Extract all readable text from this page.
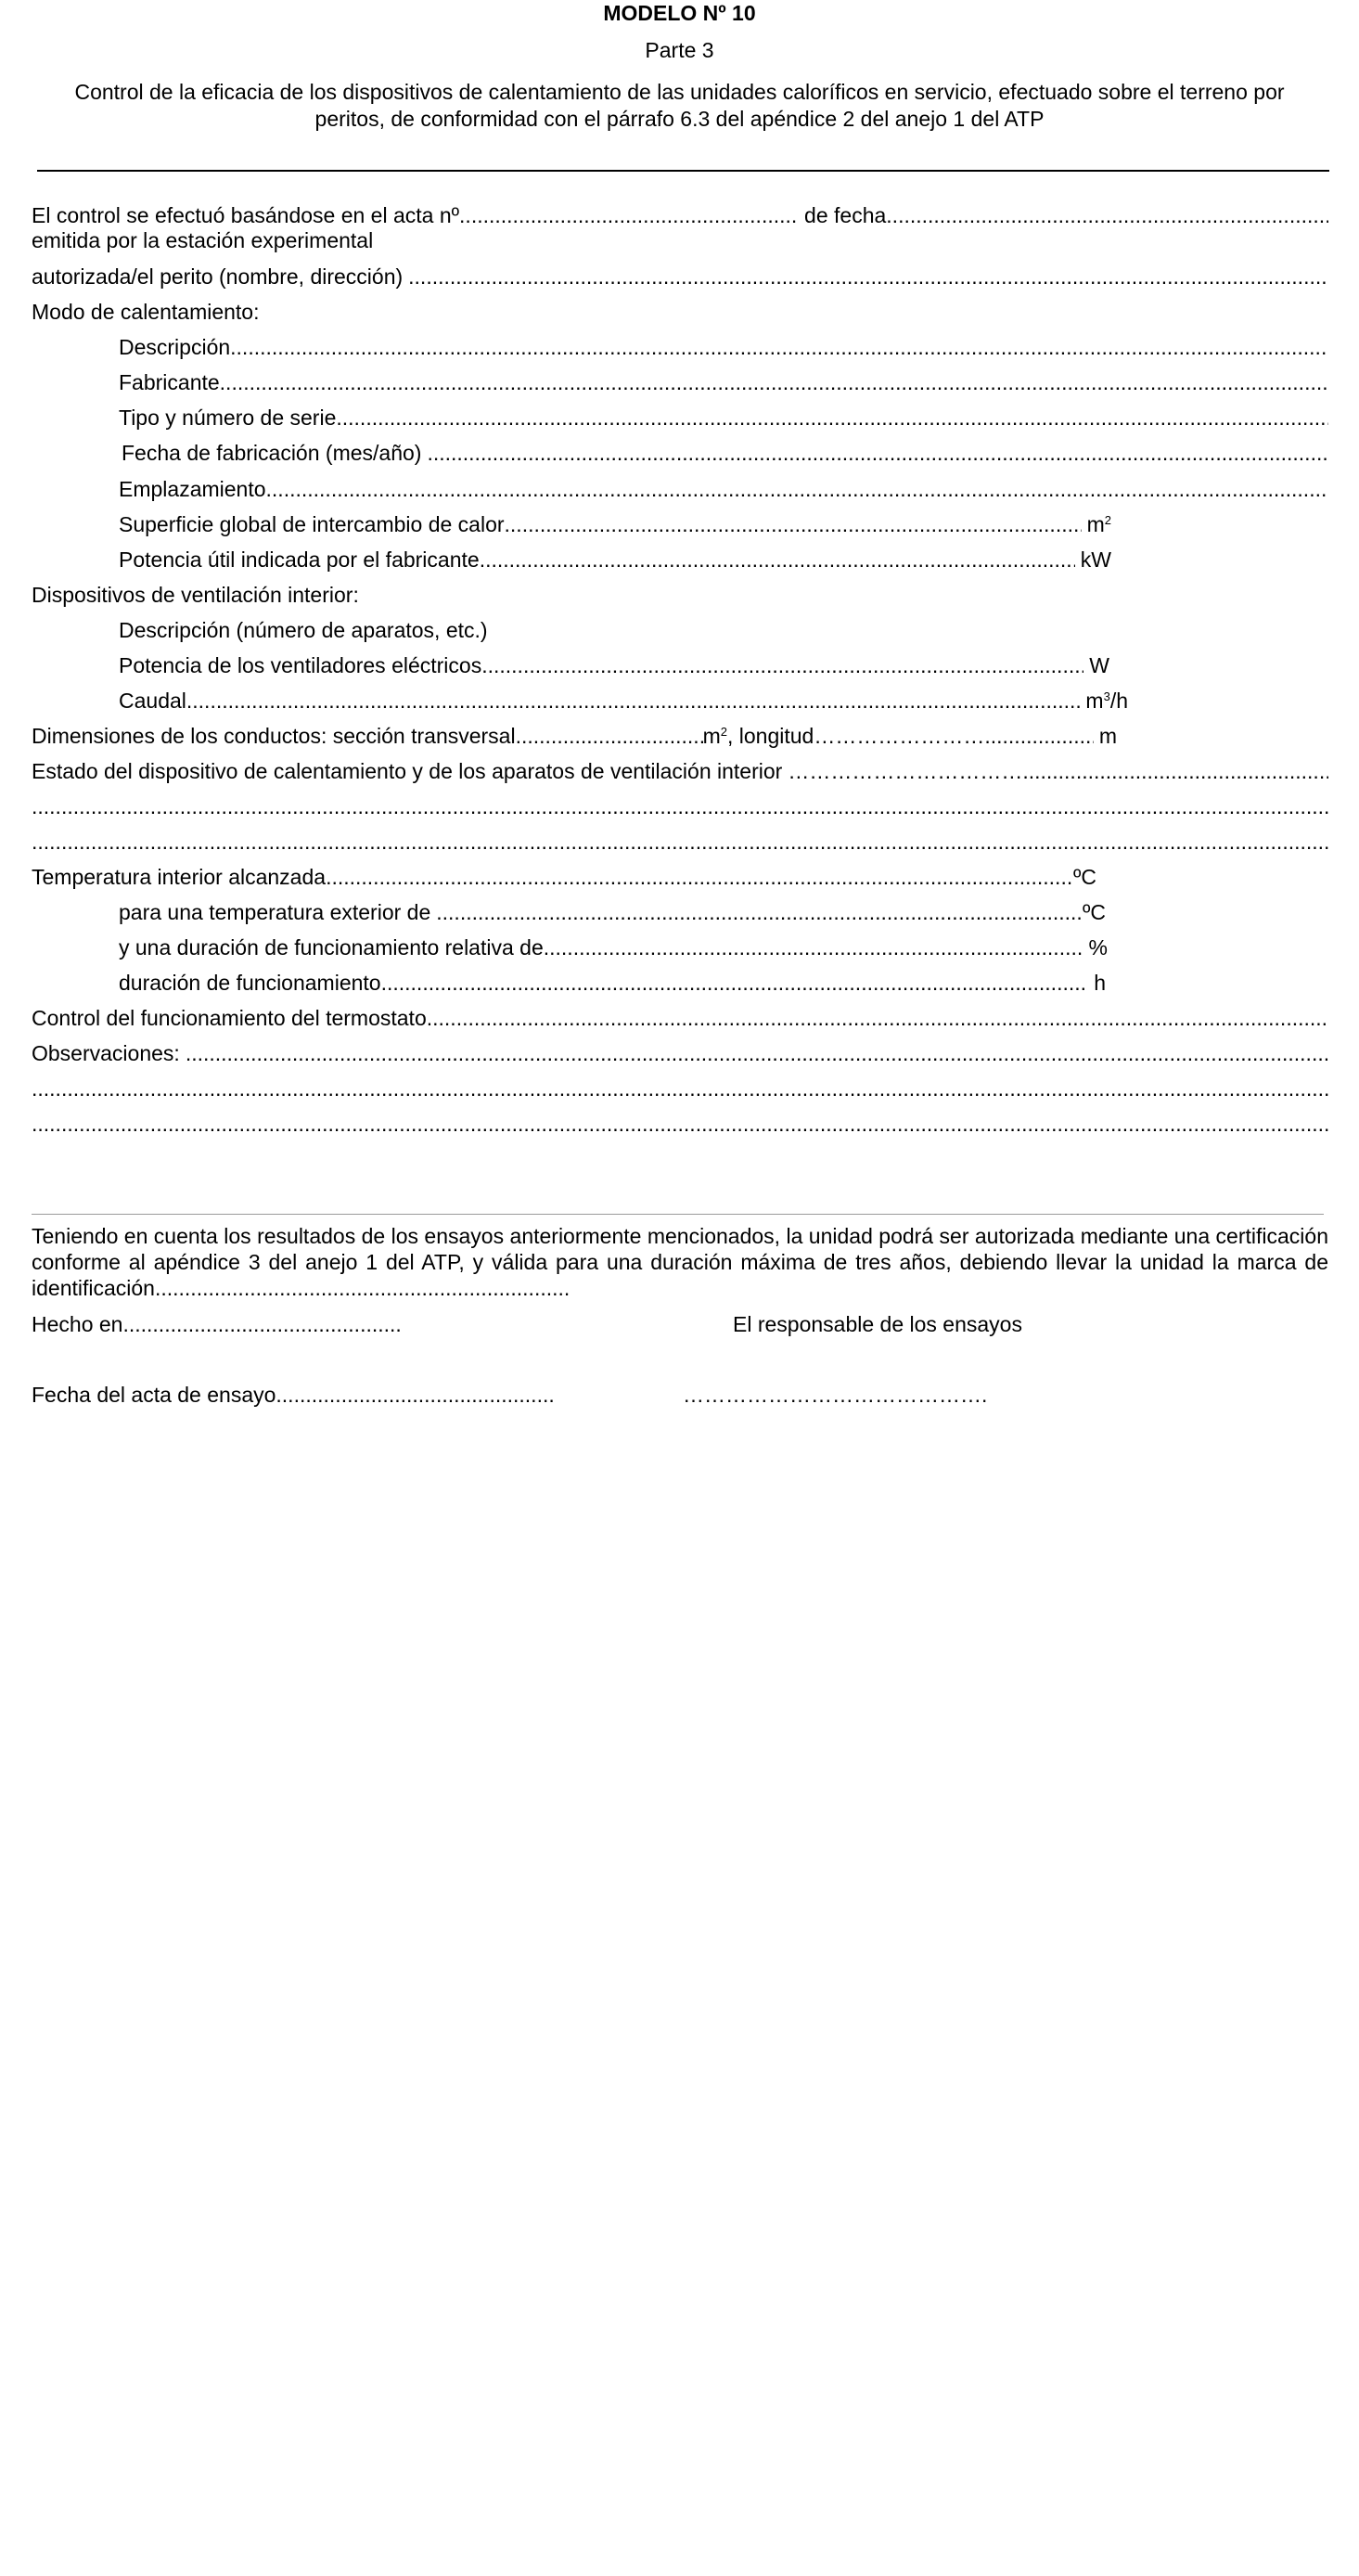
MODELO Nº 10
Parte 3
Control de la eficacia de los dispositivos de calentamiento de las unidades caloríficos en servicio, efectuado sobre el terreno por peritos, de conformidad con el párrafo 6.3 del apéndice 2 del anejo 1 del ATP
El control se efectuó basándose en el acta nº .....	de fecha
.....
emitida por la estación experimental
autorizada/el perito (nombre, dirección)
.....
Modo de calentamiento:
Descripción
.....
Fabricante
.....
Tipo y número de serie
.....
Fecha de fabricación (mes/año)
.....
Emplazamiento
.....
Superficie global de intercambio de calor .....	$m^2$
Potencia útil indicada por el fabricante .....	kW
Dispositivos de ventilación interior:
Descripción (número de aparatos, etc.)
Potencia de los ventiladores eléctricos .....	W
Caudal .....	$m^3/h$
Dimensiones de los conductos: sección transversal .....	$m^2$ , longitud …………………… .....	m
Estado del dispositivo de calentamiento y de los aparatos de ventilación interior ……………………………
.....
.....
.....
Temperatura interior alcanzada .....	ºC
para una temperatura exterior de .....	ºC
y una duración de funcionamiento relativa de .....	%
duración de funcionamiento .....	h
Control del funcionamiento del termostato
.....
Observaciones:
.....
.....
.....
Teniendo en cuenta los resultados de los ensayos anteriormente mencionados, la unidad podrá ser autorizada mediante una certificación conforme al apéndice 3 del anejo 1 del ATP, y válida para una duración máxima de tres años, debiendo llevar la unidad la marca de identificación......................................................................
Hecho en .....	El responsable de los ensayos
Fecha del acta de ensayo .....	…………………………………….
